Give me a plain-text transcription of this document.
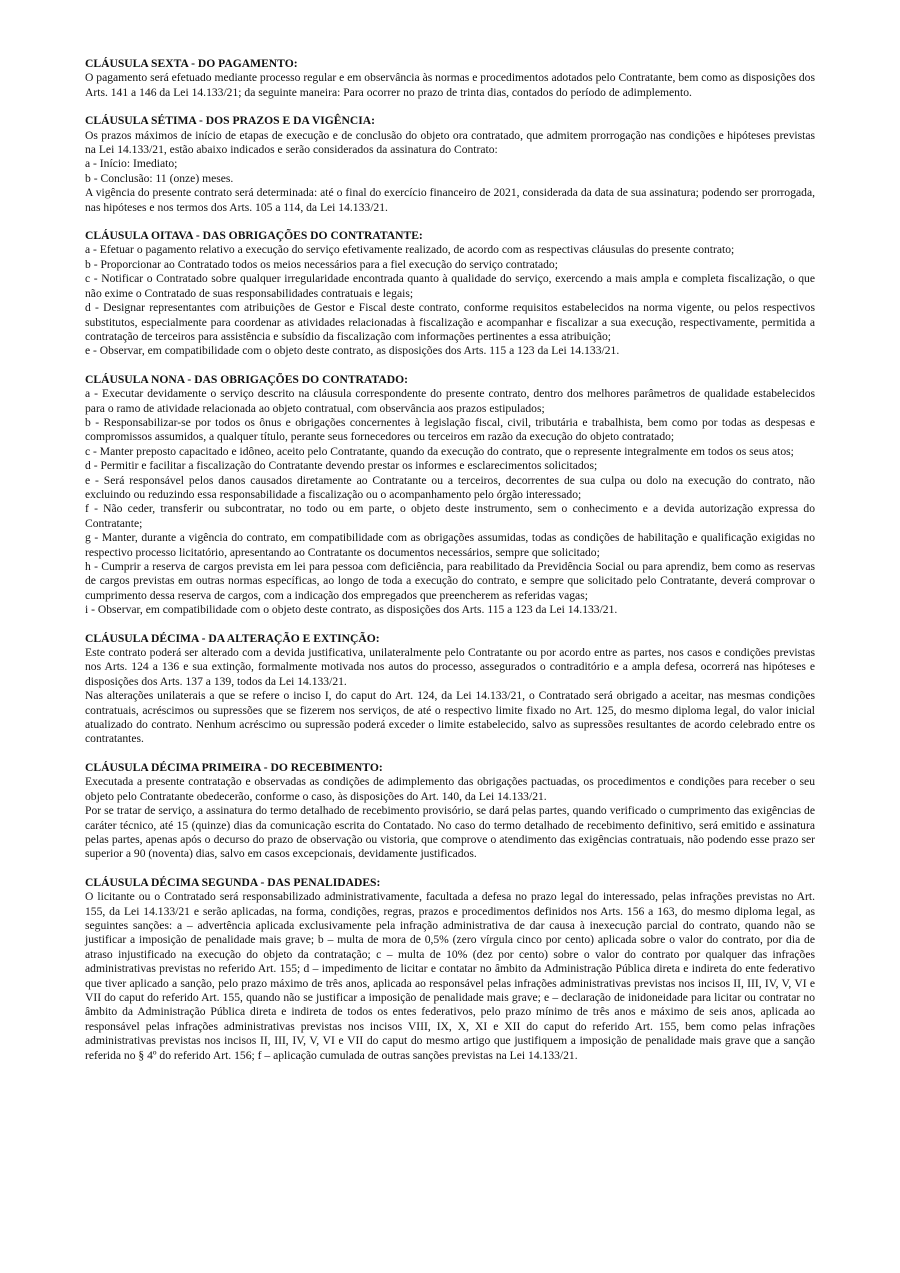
CLÁUSULA SEXTA - DO PAGAMENTO:

O pagamento será efetuado mediante processo regular e em observância às normas e procedimentos adotados pelo Contratante, bem como as disposições dos Arts. 141 a 146 da Lei 14.133/21; da seguinte maneira: Para ocorrer no prazo de trinta dias, contados do período de adimplemento.

CLÁUSULA SÉTIMA - DOS PRAZOS E DA VIGÊNCIA:

Os prazos máximos de início de etapas de execução e de conclusão do objeto ora contratado, que admitem prorrogação nas condições e hipóteses previstas na Lei 14.133/21, estão abaixo indicados e serão considerados da assinatura do Contrato:

a - Início: Imediato;

b - Conclusão: 11 (onze) meses.

A vigência do presente contrato será determinada: até o final do exercício financeiro de 2021, considerada da data de sua assinatura; podendo ser prorrogada, nas hipóteses e nos termos dos Arts. 105 a 114, da Lei 14.133/21.

CLÁUSULA OITAVA - DAS OBRIGAÇÕES DO CONTRATANTE:

a - Efetuar o pagamento relativo a execução do serviço efetivamente realizado, de acordo com as respectivas cláusulas do presente contrato;

b - Proporcionar ao Contratado todos os meios necessários para a fiel execução do serviço contratado;

c - Notificar o Contratado sobre qualquer irregularidade encontrada quanto à qualidade do serviço, exercendo a mais ampla e completa fiscalização, o que não exime o Contratado de suas responsabilidades contratuais e legais;

d - Designar representantes com atribuições de Gestor e Fiscal deste contrato, conforme requisitos estabelecidos na norma vigente, ou pelos respectivos substitutos, especialmente para coordenar as atividades relacionadas à fiscalização e acompanhar e fiscalizar a sua execução, respectivamente, permitida a contratação de terceiros para assistência e subsídio da fiscalização com informações pertinentes a essa atribuição;

e - Observar, em compatibilidade com o objeto deste contrato, as disposições dos Arts. 115 a 123 da Lei 14.133/21.

CLÁUSULA NONA - DAS OBRIGAÇÕES DO CONTRATADO:

a - Executar devidamente o serviço descrito na cláusula correspondente do presente contrato, dentro dos melhores parâmetros de qualidade estabelecidos para o ramo de atividade relacionada ao objeto contratual, com observância aos prazos estipulados;

b - Responsabilizar-se por todos os ônus e obrigações concernentes à legislação fiscal, civil, tributária e trabalhista, bem como por todas as despesas e compromissos assumidos, a qualquer título, perante seus fornecedores ou terceiros em razão da execução do objeto contratado;

c - Manter preposto capacitado e idôneo, aceito pelo Contratante, quando da execução do contrato, que o represente integralmente em todos os seus atos;

d - Permitir e facilitar a fiscalização do Contratante devendo prestar os informes e esclarecimentos solicitados;

e - Será responsável pelos danos causados diretamente ao Contratante ou a terceiros, decorrentes de sua culpa ou dolo na execução do contrato, não excluindo ou reduzindo essa responsabilidade a fiscalização ou o acompanhamento pelo órgão interessado;

f - Não ceder, transferir ou subcontratar, no todo ou em parte, o objeto deste instrumento, sem o conhecimento e a devida autorização expressa do Contratante;

g - Manter, durante a vigência do contrato, em compatibilidade com as obrigações assumidas, todas as condições de habilitação e qualificação exigidas no respectivo processo licitatório, apresentando ao Contratante os documentos necessários, sempre que solicitado;

h - Cumprir a reserva de cargos prevista em lei para pessoa com deficiência, para reabilitado da Previdência Social ou para aprendiz, bem como as reservas de cargos previstas em outras normas específicas, ao longo de toda a execução do contrato, e sempre que solicitado pelo Contratante, deverá comprovar o cumprimento dessa reserva de cargos, com a indicação dos empregados que preencherem as referidas vagas;

i - Observar, em compatibilidade com o objeto deste contrato, as disposições dos Arts. 115 a 123 da Lei 14.133/21.

CLÁUSULA DÉCIMA - DA ALTERAÇÃO E EXTINÇÃO:

Este contrato poderá ser alterado com a devida justificativa, unilateralmente pelo Contratante ou por acordo entre as partes, nos casos e condições previstas nos Arts. 124 a 136 e sua extinção, formalmente motivada nos autos do processo, assegurados o contraditório e a ampla defesa, ocorrerá nas hipóteses e disposições dos Arts. 137 a 139, todos da Lei 14.133/21.

Nas alterações unilaterais a que se refere o inciso I, do caput do Art. 124, da Lei 14.133/21, o Contratado será obrigado a aceitar, nas mesmas condições contratuais, acréscimos ou supressões que se fizerem nos serviços, de até o respectivo limite fixado no Art. 125, do mesmo diploma legal, do valor inicial atualizado do contrato. Nenhum acréscimo ou supressão poderá exceder o limite estabelecido, salvo as supressões resultantes de acordo celebrado entre os contratantes.

CLÁUSULA DÉCIMA PRIMEIRA - DO RECEBIMENTO:

Executada a presente contratação e observadas as condições de adimplemento das obrigações pactuadas, os procedimentos e condições para receber o seu objeto pelo Contratante obedecerão, conforme o caso, às disposições do Art. 140, da Lei 14.133/21.

Por se tratar de serviço, a assinatura do termo detalhado de recebimento provisório, se dará pelas partes, quando verificado o cumprimento das exigências de caráter técnico, até 15 (quinze) dias da comunicação escrita do Contatado. No caso do termo detalhado de recebimento definitivo, será emitido e assinatura pelas partes, apenas após o decurso do prazo de observação ou vistoria, que comprove o atendimento das exigências contratuais, não podendo esse prazo ser superior a 90 (noventa) dias, salvo em casos excepcionais, devidamente justificados.

CLÁUSULA DÉCIMA SEGUNDA - DAS PENALIDADES:

O licitante ou o Contratado será responsabilizado administrativamente, facultada a defesa no prazo legal do interessado, pelas infrações previstas no Art. 155, da Lei 14.133/21 e serão aplicadas, na forma, condições, regras, prazos e procedimentos definidos nos Arts. 156 a 163, do mesmo diploma legal, as seguintes sanções: a – advertência aplicada exclusivamente pela infração administrativa de dar causa à inexecução parcial do contrato, quando não se justificar a imposição de penalidade mais grave; b – multa de mora de 0,5% (zero vírgula cinco por cento) aplicada sobre o valor do contrato, por dia de atraso injustificado na execução do objeto da contratação; c – multa de 10% (dez por cento) sobre o valor do contrato por qualquer das infrações administrativas previstas no referido Art. 155; d – impedimento de licitar e contatar no âmbito da Administração Pública direta e indireta do ente federativo que tiver aplicado a sanção, pelo prazo máximo de três anos, aplicada ao responsável pelas infrações administrativas previstas nos incisos II, III, IV, V, VI e VII do caput do referido Art. 155, quando não se justificar a imposição de penalidade mais grave; e – declaração de inidoneidade para licitar ou contratar no âmbito da Administração Pública direta e indireta de todos os entes federativos, pelo prazo mínimo de três anos e máximo de seis anos, aplicada ao responsável pelas infrações administrativas previstas nos incisos VIII, IX, X, XI e XII do caput do referido Art. 155, bem como pelas infrações administrativas previstas nos incisos II, III, IV, V, VI e VII do caput do mesmo artigo que justifiquem a imposição de penalidade mais grave que a sanção referida no § 4º do referido Art. 156; f – aplicação cumulada de outras sanções previstas na Lei 14.133/21.
